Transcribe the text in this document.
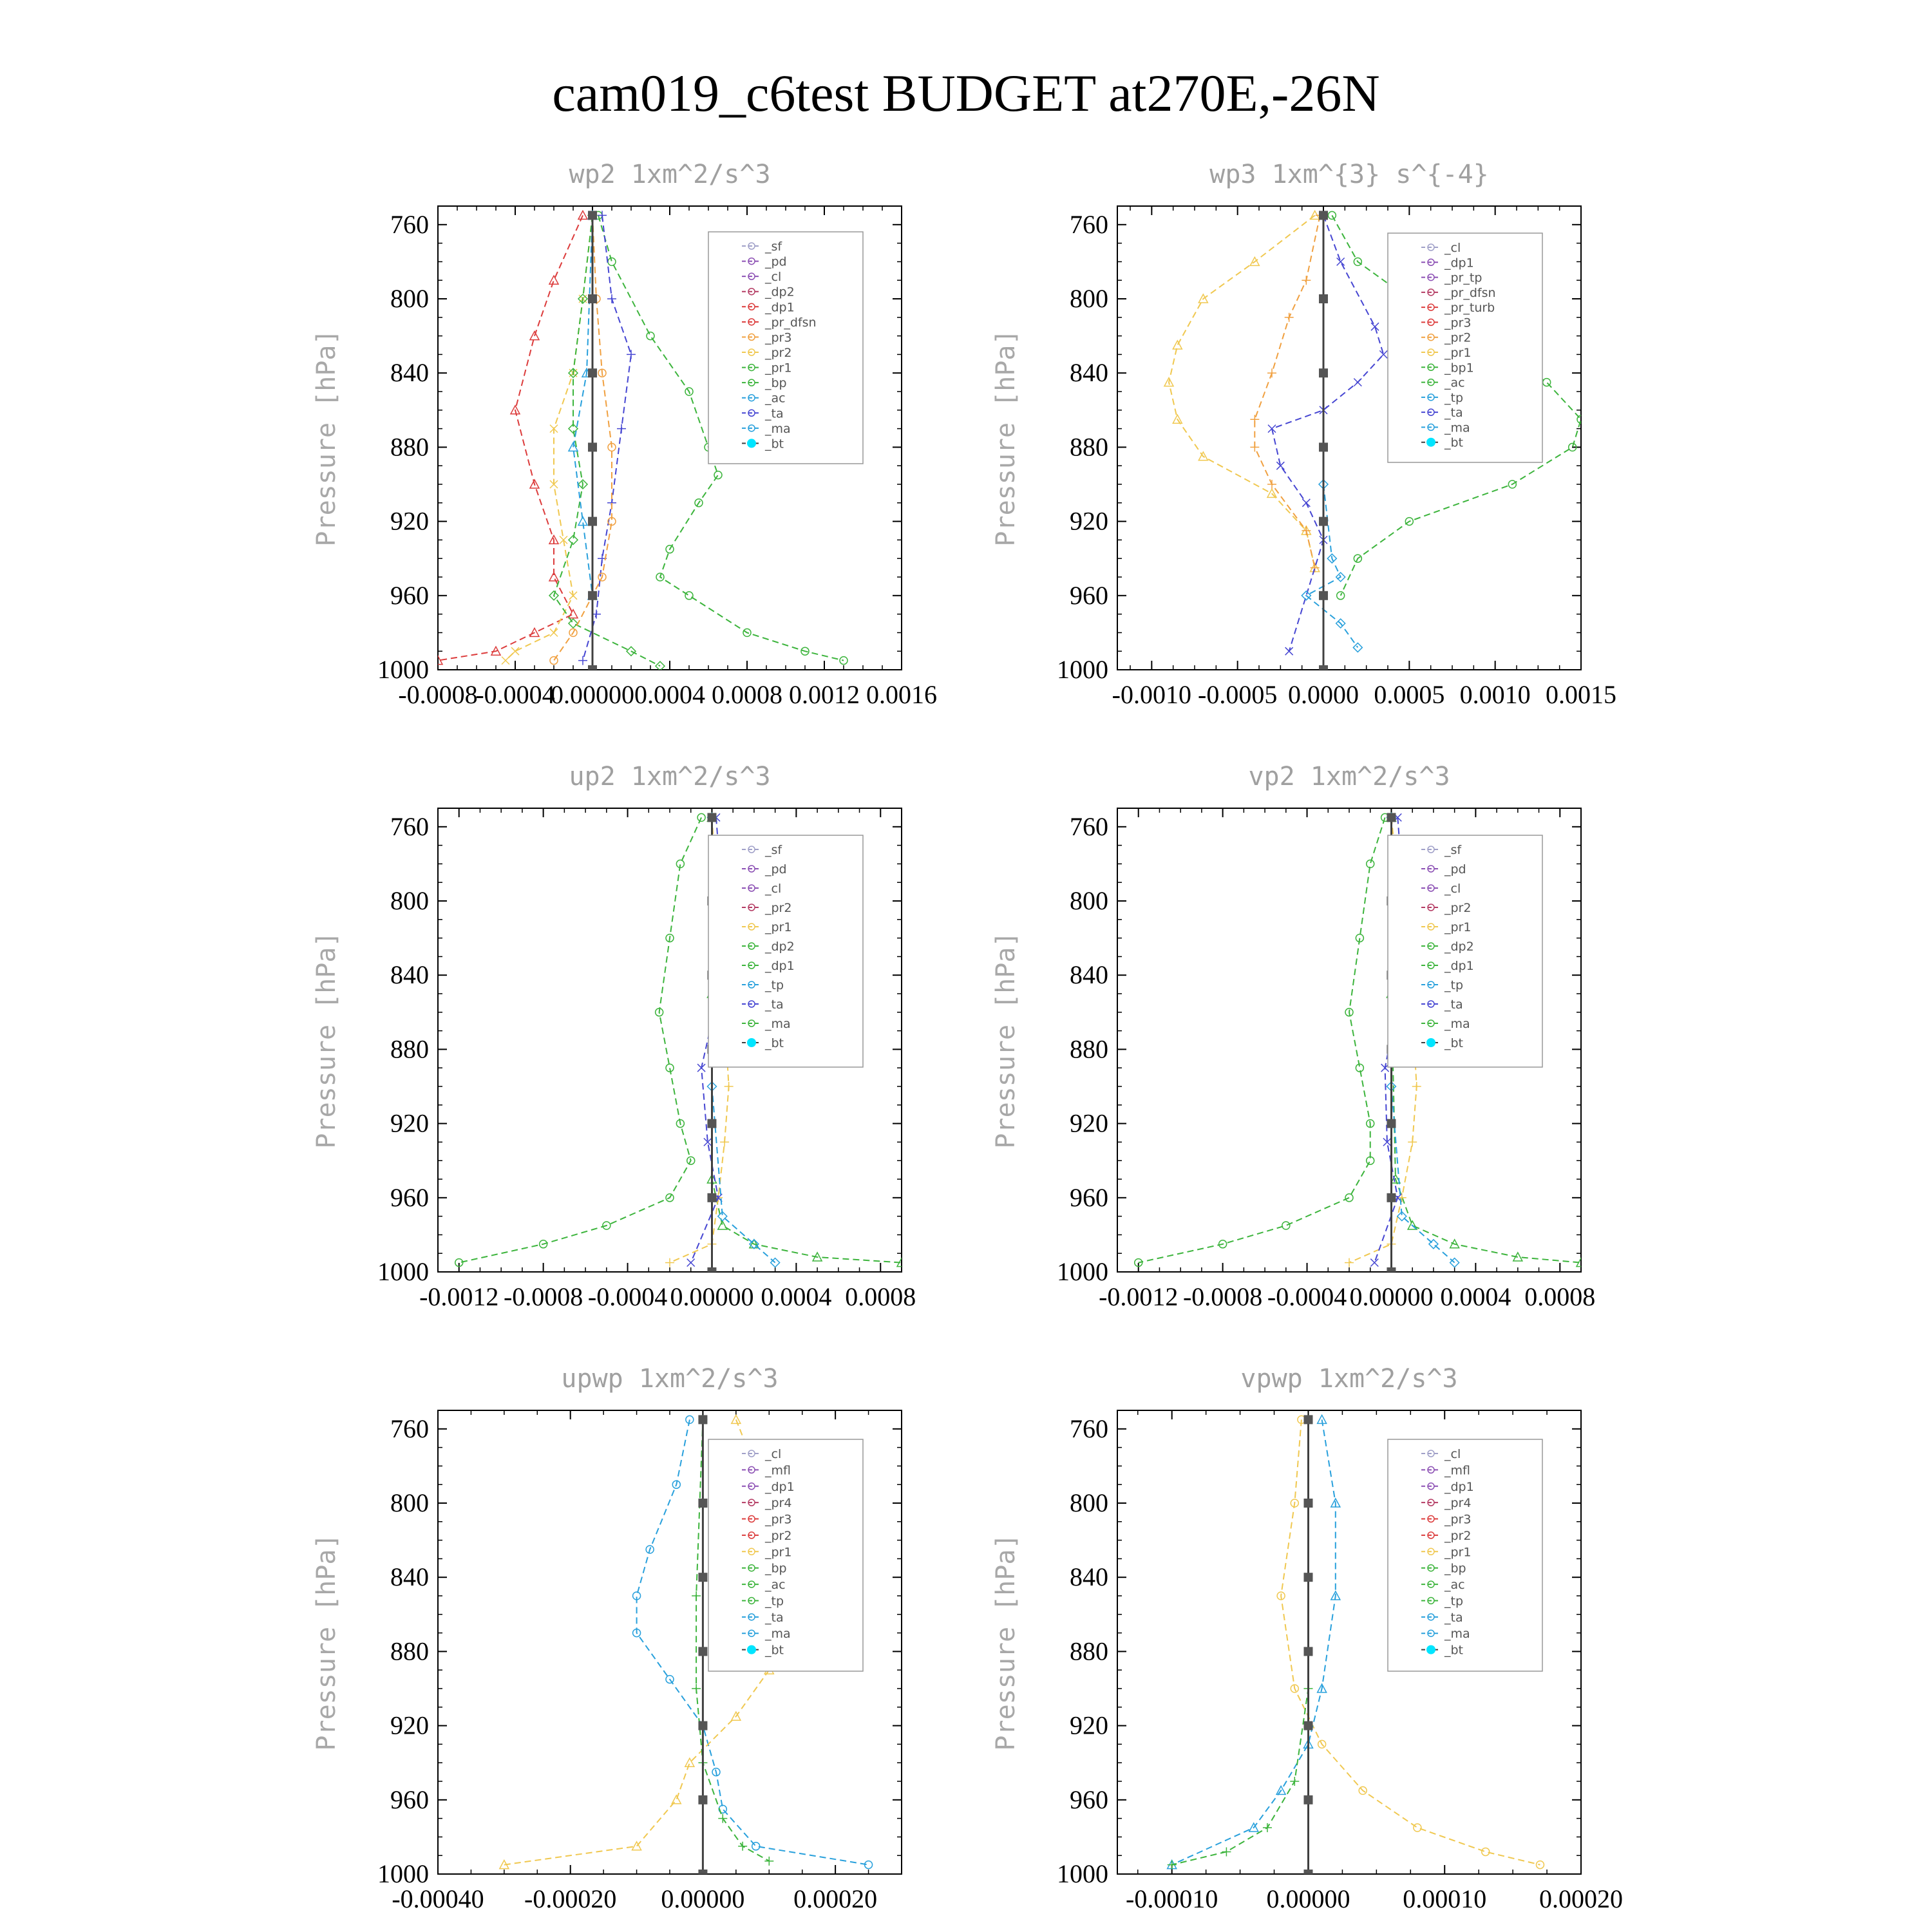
cam019_c6test BUDGET at270E,-26N
wp2 1xm^2/s^3
Pressure [hPa]
760
800
840
880
920
960
1000
-0.0008
-0.0004
0.00000 0.0004 0.0008 0.0012 0.0016
_sf
_pd
_cl
_dp2
_dp1
_pr_dfsn
_pr3
_pr2
_pr1
_bp
_ac
_ta
_ma
_bt
wp3 1xm^{3} s^{-4}
Pressure [hPa]
760
800
840
880
920
960
1000
-0.0010 -0.0005 0.0000 0.0005 0.0010 0.0015
_cl
_dp1
_pr_tp
_pr_dfsn
_pr_turb
_pr3
_pr2
_pr1
_bp1
_ac
_tp
_ta
_ma
_bt
up2 1xm^2/s^3
Pressure [hPa]
760
800
840
880
920
960
1000
-0.0012 -0.0008 -0.0004 0.00000 0.0004 0.0008
_sf
_pd
_cl
_pr2
_pr1
_dp2
_dp1
_tp
_ta
_ma
_bt
vp2 1xm^2/s^3
Pressure [hPa]
760
800
840
880
920
960
1000
-0.0012 -0.0008 -0.0004 0.00000 0.0004 0.0008
_sf
_pd
_cl
_pr2
_pr1
_dp2
_dp1
_tp
_ta
_ma
_bt
upwp 1xm^2/s^3
Pressure [hPa]
760
800
840
880
920
960
1000
-0.00040 -0.00020 0.00000 0.00020
_cl
_mfl
_dp1
_pr4
_pr3
_pr2
_pr1
_bp
_ac
_tp
_ta
_ma
_bt
vpwp 1xm^2/s^3
Pressure [hPa]
760
800
840
880
920
960
1000
-0.00010 0.00000 0.00010 0.00020
_cl
_mfl
_dp1
_pr4
_pr3
_pr2
_pr1
_bp
_ac
_tp
_ta
_ma
_bt
